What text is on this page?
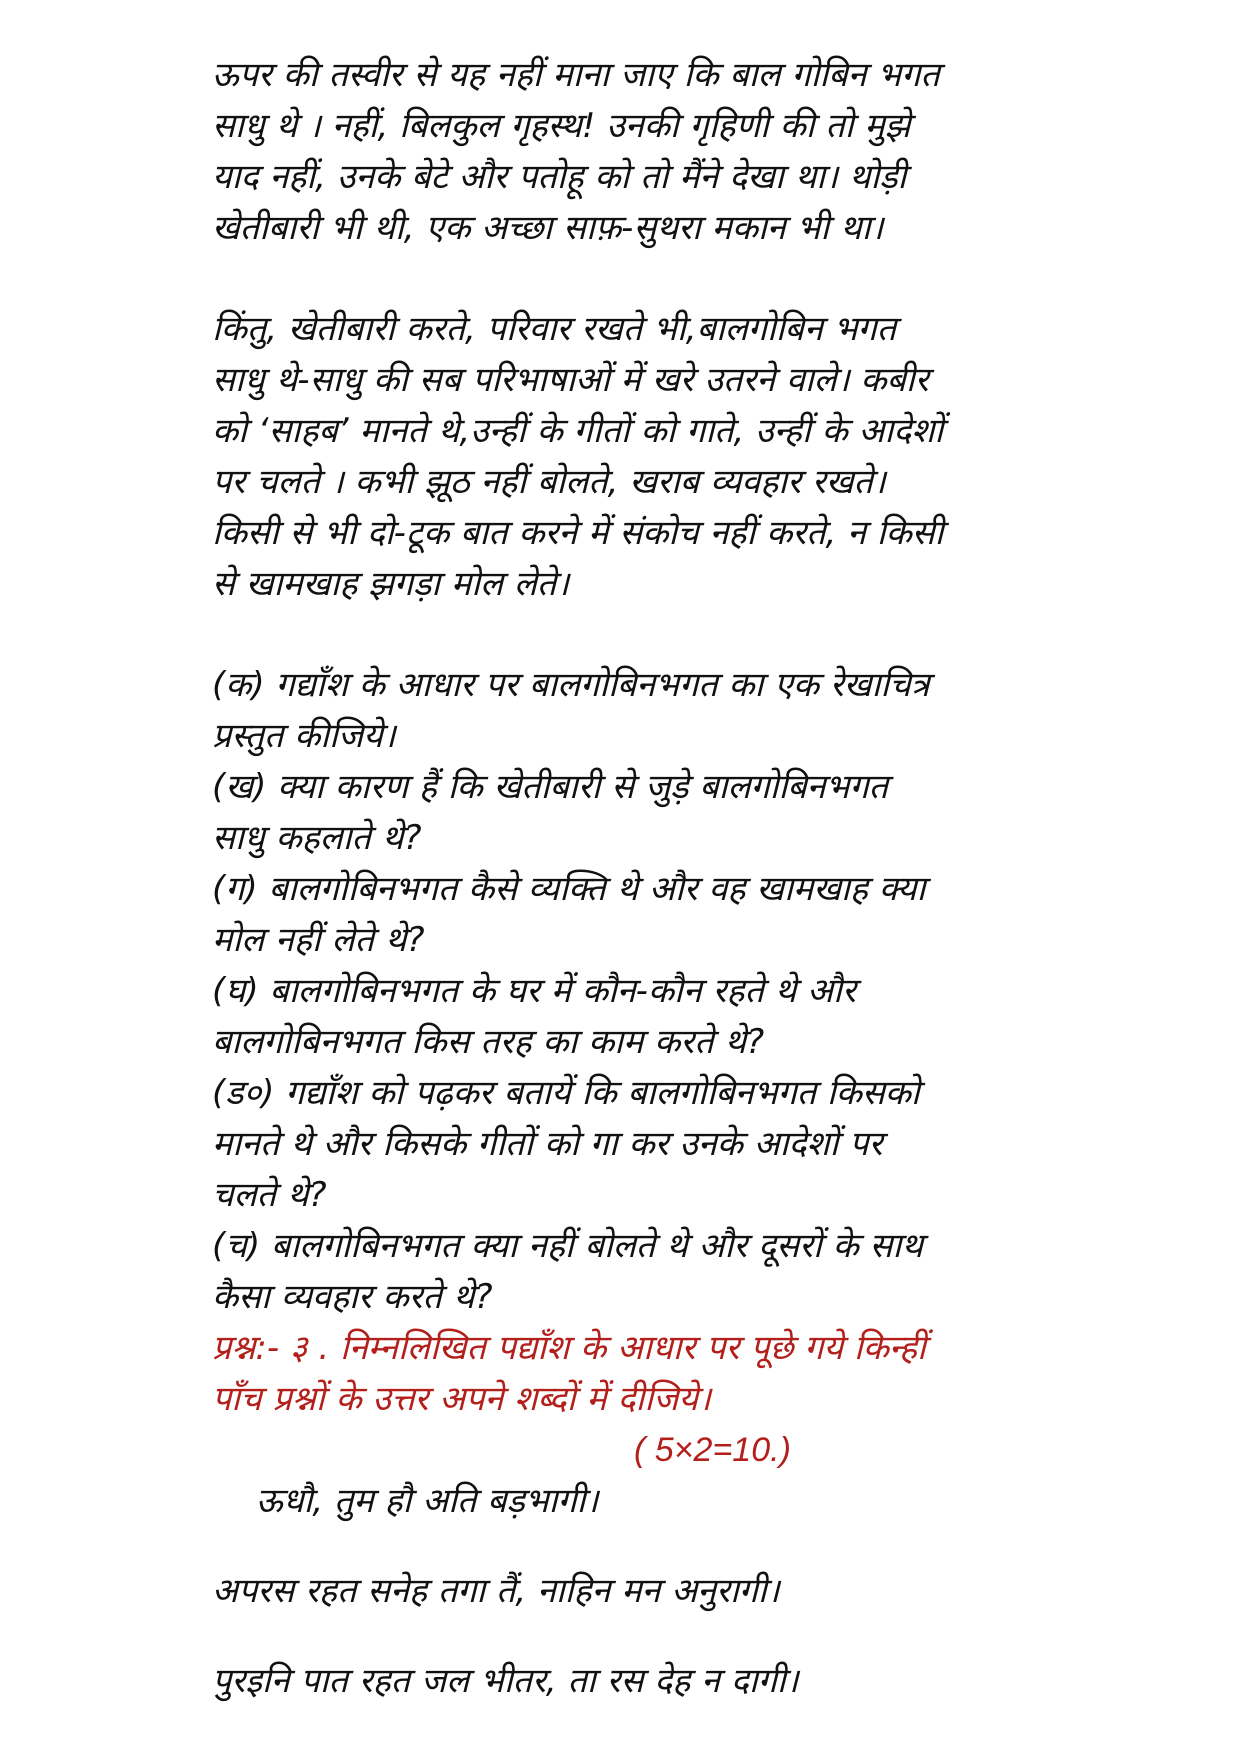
ऊपर की तस्वीर से यह नहीं माना जाए कि बाल गोबिन भगत
साधु थे । नहीं, बिलकुल गृहस्थ! उनकी गृहिणी की तो मुझे
याद नहीं, उनके बेटे और पतोहू को तो मैंने देखा था। थोड़ी
खेतीबारी भी थी, एक अच्छा साफ़-सुथरा मकान भी था।
किंतु, खेतीबारी करते, परिवार रखते भी,बालगोबिन भगत
साधु थे-साधु की सब परिभाषाओं में खरे उतरने वाले। कबीर
को ‘साहब’ मानते थे,उन्हीं के गीतों को गाते, उन्हीं के आदेशों
पर चलते । कभी झूठ नहीं बोलते, खराब व्यवहार रखते।
किसी से भी दो-टूक बात करने में संकोच नहीं करते, न किसी
से खामखाह झगड़ा मोल लेते।
(क) गद्याँश के आधार पर बालगोबिनभगत का एक रेखाचित्र
प्रस्तुत कीजिये।
(ख) क्या कारण हैं कि खेतीबारी से जुड़े बालगोबिनभगत
साधु कहलाते थे?
(ग) बालगोबिनभगत कैसे व्यक्ति थे और वह खामखाह क्या
मोल नहीं लेते थे?
(घ) बालगोबिनभगत के घर में कौन-कौन रहते थे और
बालगोबिनभगत किस तरह का काम करते थे?
(ड०) गद्याँश को पढ़कर बतायें कि बालगोबिनभगत किसको
मानते थे और किसके गीतों को गा कर उनके आदेशों पर
चलते थे?
(च) बालगोबिनभगत क्या नहीं बोलते थे और दूसरों के साथ
कैसा व्यवहार करते थे?
प्रश्न:- ३ . निम्नलिखित पद्याँश के आधार पर पूछे गये किन्हीं
पाँच प्रश्नों के उत्तर अपने शब्दों में दीजिये।
( 5×2=10.)
ऊधौ, तुम हौ अति बड़भागी।
अपरस रहत सनेह तगा तैं, नाहिन मन अनुरागी।
पुरइनि पात रहत जल भीतर, ता रस देह न दागी।
